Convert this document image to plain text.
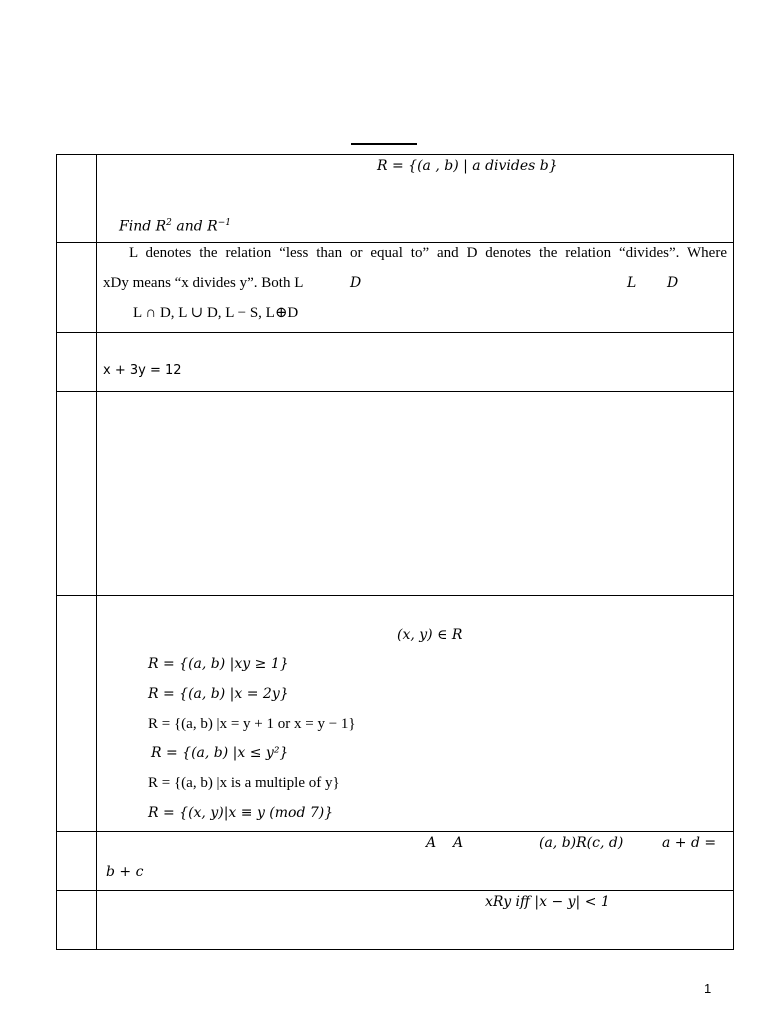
R = {(a , b) | a divides b}
Find $R^2$ and $R^{-1}$
L denotes the relation “less than or equal to” and D denotes the relation “divides”. Where
xDy means “x divides y”. Both L	D	L D
L ∩ D, L ∪ D, L − S, L⊕D
x + 3y = 12
(x, y) ∈ R
R = {(a, b) |xy ≥ 1}
R = {(a, b) |x = 2y}
R = {(a, b) |x = y + 1 or x = y − 1}
R = {(a, b) |x ≤ y²}
R = {(a, b) |x is a multiple of y}
R = {(x, y)|x ≡ y (mod 7)}
A A	(a, b)R(c, d)	a + d =
b + c
xRy iff |x − y| < 1
1
